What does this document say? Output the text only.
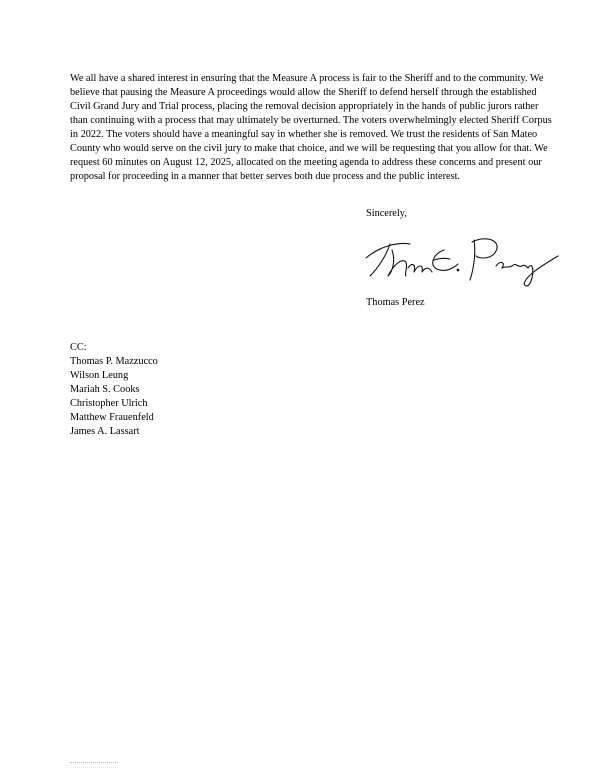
We all have a shared interest in ensuring that the Measure A process is fair to the Sheriff and to the community. We believe that pausing the Measure A proceedings would allow the Sheriff to defend herself through the established Civil Grand Jury and Trial process, placing the removal decision appropriately in the hands of public jurors rather than continuing with a process that may ultimately be overturned. The voters overwhelmingly elected Sheriff Corpus in 2022. The voters should have a meaningful say in whether she is removed. We trust the residents of San Mateo County who would serve on the civil jury to make that choice, and we will be requesting that you allow for that. We request 60 minutes on August 12, 2025, allocated on the meeting agenda to address these concerns and present our proposal for proceeding in a manner that better serves both due process and the public interest.

Sincerely,
Thomas Perez
CC:
Thomas P. Mazzucco
Wilson Leung
Mariah S. Cooks
Christopher Ulrich
Matthew Frauenfeld
James A. Lassart
